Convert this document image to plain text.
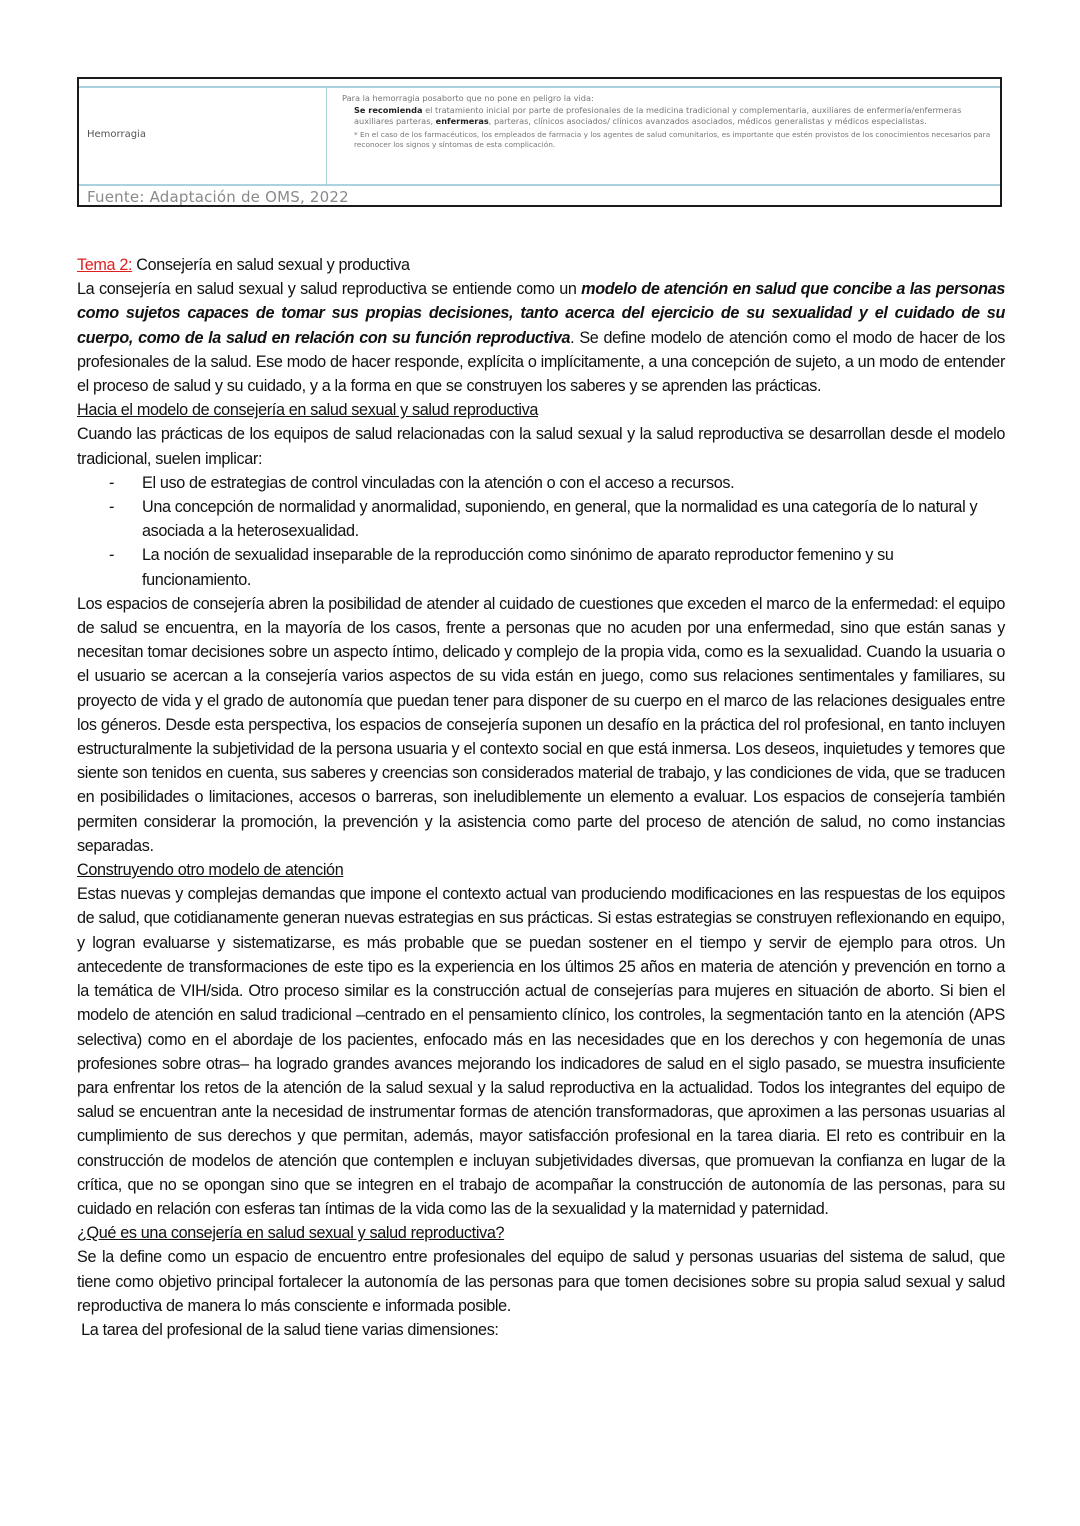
Hemorragia

Para la hemorragia posaborto que no pone en peligro la vida:

Se recomienda el tratamiento inicial por parte de profesionales de la medicina tradicional y complementaria, auxiliares de enfermería/enfermeras auxiliares parteras, enfermeras, parteras, clínicos asociados/ clínicos avanzados asociados, médicos generalistas y médicos especialistas.

* En el caso de los farmacéuticos, los empleados de farmacia y los agentes de salud comunitarios, es importante que estén provistos de los conocimientos necesarios para reconocer los signos y síntomas de esta complicación.

Fuente: Adaptación de OMS, 2022

Tema 2: Consejería en salud sexual y productiva

La consejería en salud sexual y salud reproductiva se entiende como un modelo de atención en salud que concibe a las personas como sujetos capaces de tomar sus propias decisiones, tanto acerca del ejercicio de su sexualidad y el cuidado de su cuerpo, como de la salud en relación con su función reproductiva. Se define modelo de atención como el modo de hacer de los profesionales de la salud. Ese modo de hacer responde, explícita o implícitamente, a una concepción de sujeto, a un modo de entender el proceso de salud y su cuidado, y a la forma en que se construyen los saberes y se aprenden las prácticas.

Hacia el modelo de consejería en salud sexual y salud reproductiva

Cuando las prácticas de los equipos de salud relacionadas con la salud sexual y la salud reproductiva se desarrollan desde el modelo tradicional, suelen implicar:

- El uso de estrategias de control vinculadas con la atención o con el acceso a recursos.
- Una concepción de normalidad y anormalidad, suponiendo, en general, que la normalidad es una categoría de lo natural y asociada a la heterosexualidad.
- La noción de sexualidad inseparable de la reproducción como sinónimo de aparato reproductor femenino y su funcionamiento.

Los espacios de consejería abren la posibilidad de atender al cuidado de cuestiones que exceden el marco de la enfermedad: el equipo de salud se encuentra, en la mayoría de los casos, frente a personas que no acuden por una enfermedad, sino que están sanas y necesitan tomar decisiones sobre un aspecto íntimo, delicado y complejo de la propia vida, como es la sexualidad. Cuando la usuaria o el usuario se acercan a la consejería varios aspectos de su vida están en juego, como sus relaciones sentimentales y familiares, su proyecto de vida y el grado de autonomía que puedan tener para disponer de su cuerpo en el marco de las relaciones desiguales entre los géneros. Desde esta perspectiva, los espacios de consejería suponen un desafío en la práctica del rol profesional, en tanto incluyen estructuralmente la subjetividad de la persona usuaria y el contexto social en que está inmersa. Los deseos, inquietudes y temores que siente son tenidos en cuenta, sus saberes y creencias son considerados material de trabajo, y las condiciones de vida, que se traducen en posibilidades o limitaciones, accesos o barreras, son ineludiblemente un elemento a evaluar. Los espacios de consejería también permiten considerar la promoción, la prevención y la asistencia como parte del proceso de atención de salud, no como instancias separadas.

Construyendo otro modelo de atención

Estas nuevas y complejas demandas que impone el contexto actual van produciendo modificaciones en las respuestas de los equipos de salud, que cotidianamente generan nuevas estrategias en sus prácticas. Si estas estrategias se construyen reflexionando en equipo, y logran evaluarse y sistematizarse, es más probable que se puedan sostener en el tiempo y servir de ejemplo para otros. Un antecedente de transformaciones de este tipo es la experiencia en los últimos 25 años en materia de atención y prevención en torno a la temática de VIH/sida. Otro proceso similar es la construcción actual de consejerías para mujeres en situación de aborto. Si bien el modelo de atención en salud tradicional –centrado en el pensamiento clínico, los controles, la segmentación tanto en la atención (APS selectiva) como en el abordaje de los pacientes, enfocado más en las necesidades que en los derechos y con hegemonía de unas profesiones sobre otras– ha logrado grandes avances mejorando los indicadores de salud en el siglo pasado, se muestra insuficiente para enfrentar los retos de la atención de la salud sexual y la salud reproductiva en la actualidad. Todos los integrantes del equipo de salud se encuentran ante la necesidad de instrumentar formas de atención transformadoras, que aproximen a las personas usuarias al cumplimiento de sus derechos y que permitan, además, mayor satisfacción profesional en la tarea diaria. El reto es contribuir en la construcción de modelos de atención que contemplen e incluyan subjetividades diversas, que promuevan la confianza en lugar de la crítica, que no se opongan sino que se integren en el trabajo de acompañar la construcción de autonomía de las personas, para su cuidado en relación con esferas tan íntimas de la vida como las de la sexualidad y la maternidad y paternidad.

¿Qué es una consejería en salud sexual y salud reproductiva?

Se la define como un espacio de encuentro entre profesionales del equipo de salud y personas usuarias del sistema de salud, que tiene como objetivo principal fortalecer la autonomía de las personas para que tomen decisiones sobre su propia salud sexual y salud reproductiva de manera lo más consciente e informada posible.

La tarea del profesional de la salud tiene varias dimensiones:
